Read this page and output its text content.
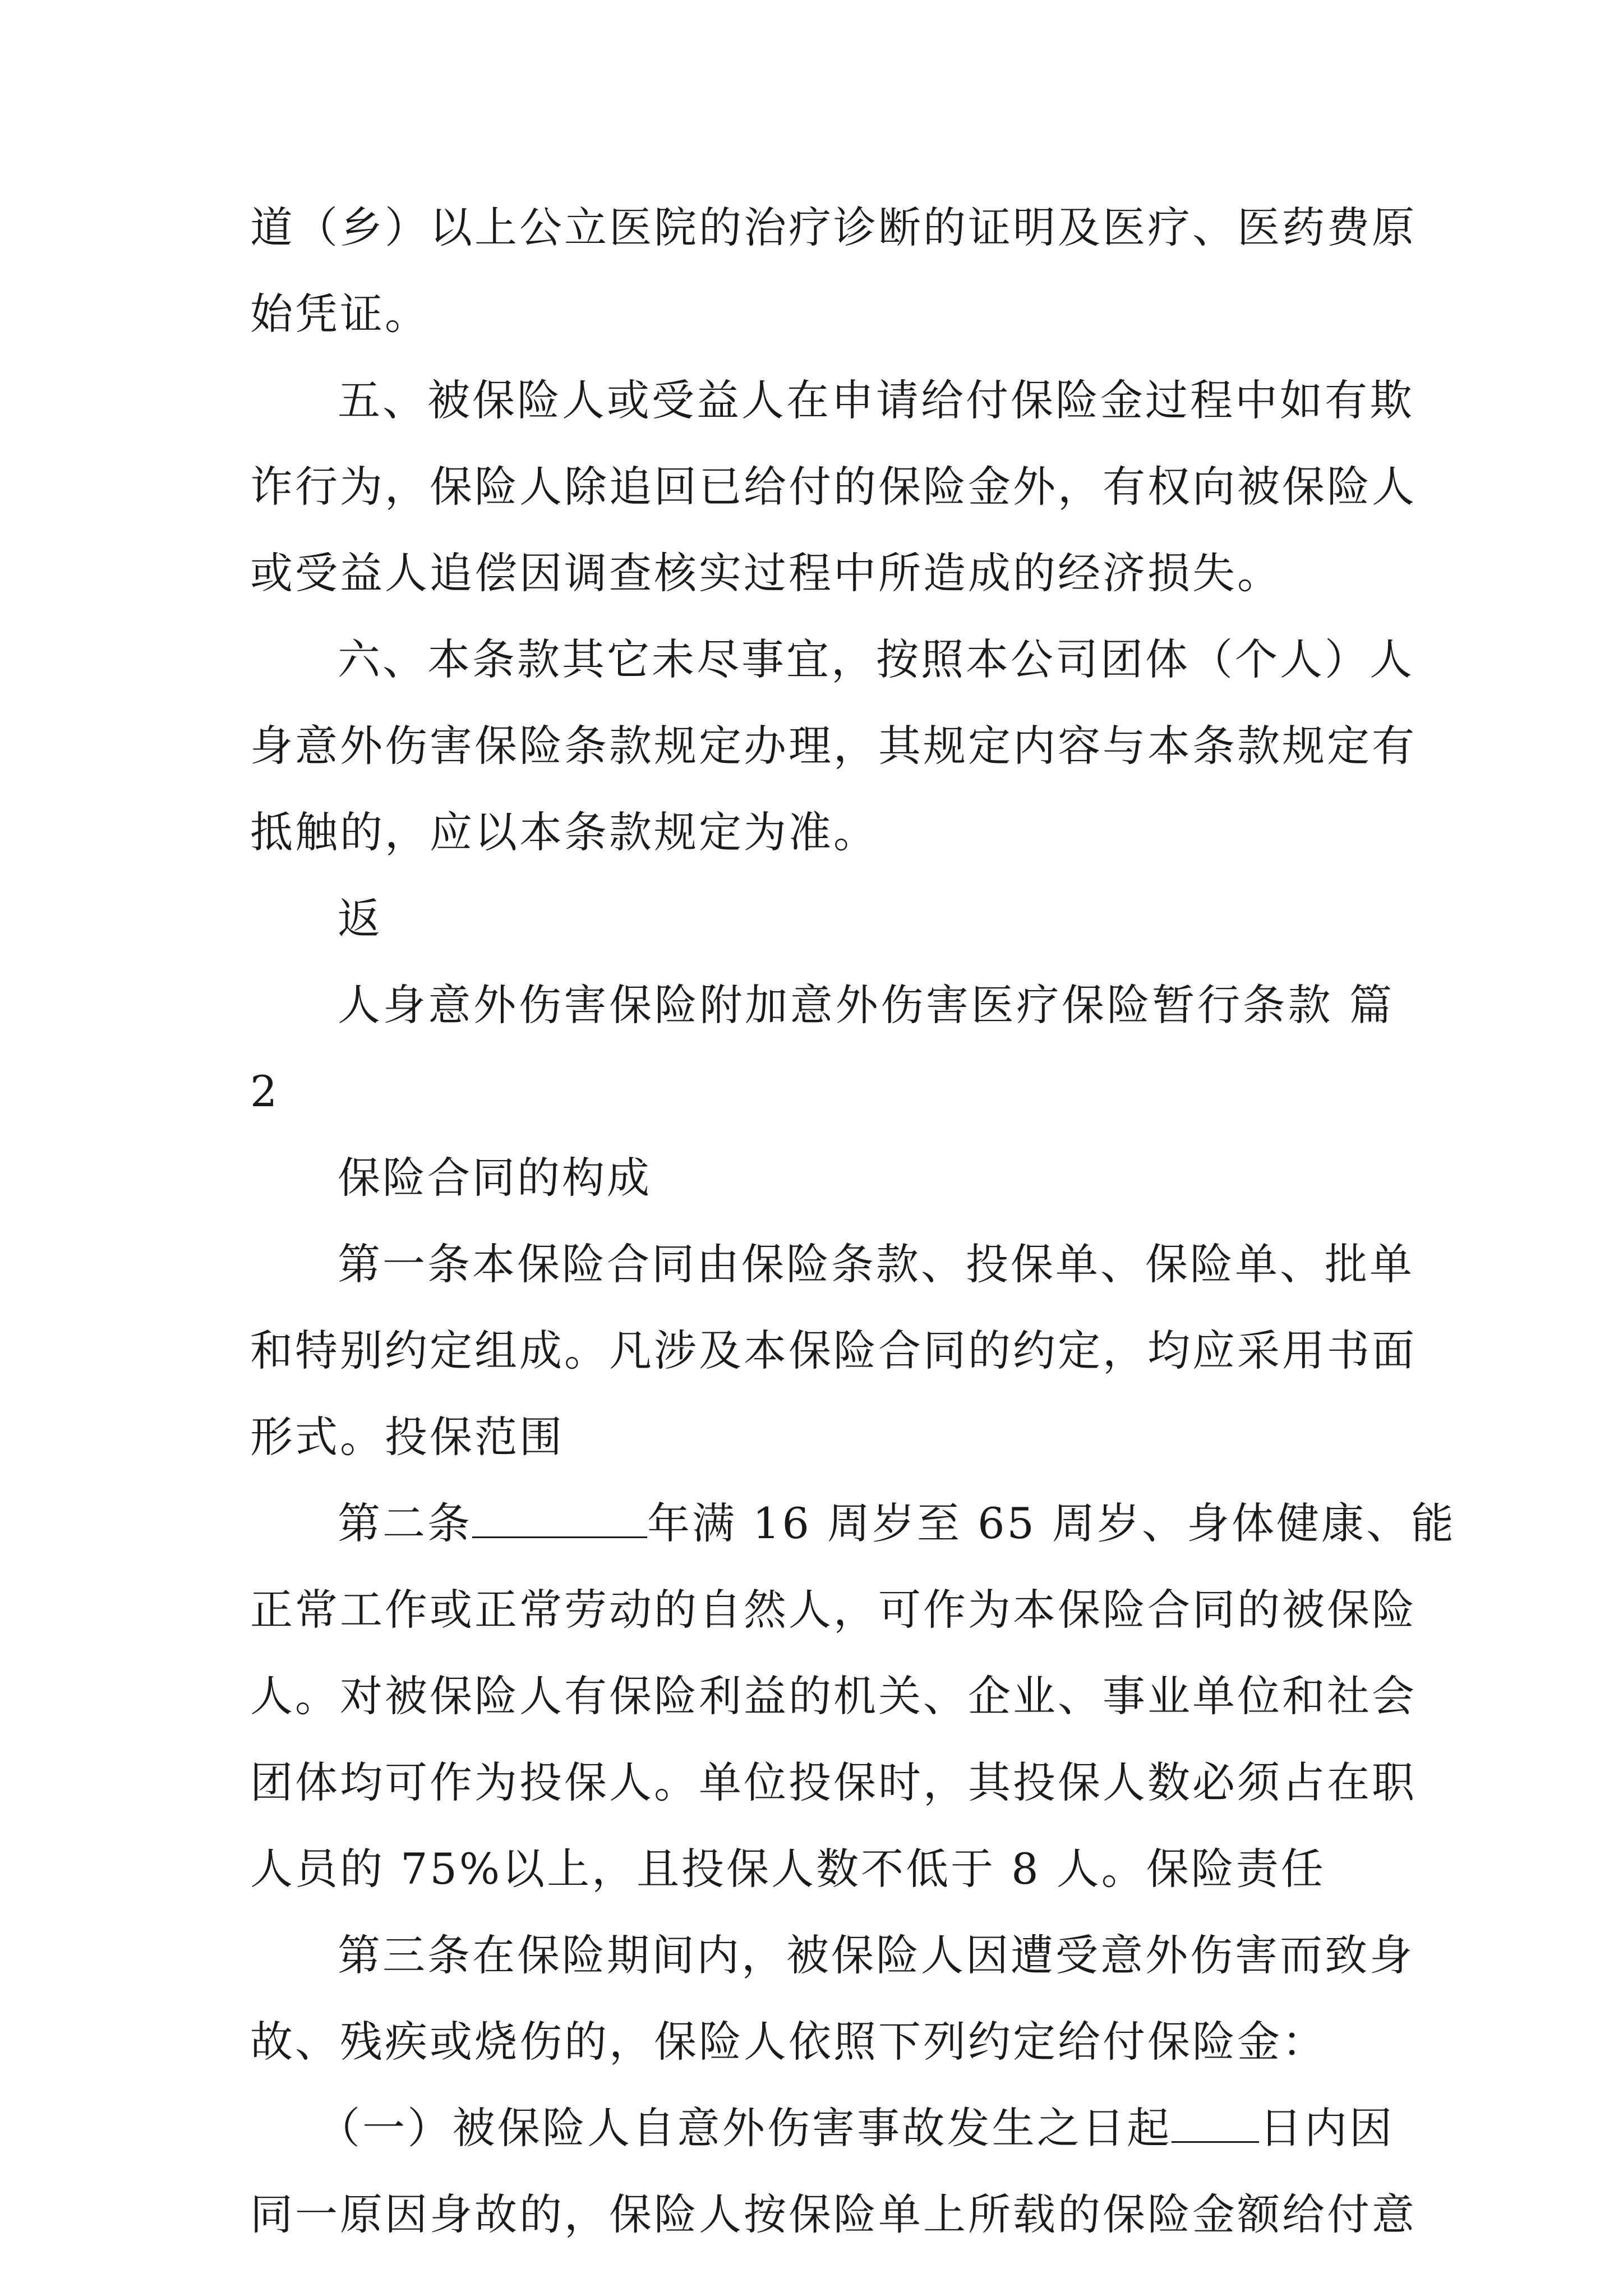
道（乡）以上公立医院的治疗诊断的证明及医疗、医药费原
始凭证。
五、被保险人或受益人在申请给付保险金过程中如有欺
诈行为，保险人除追回已给付的保险金外，有权向被保险人
或受益人追偿因调查核实过程中所造成的经济损失。
六、本条款其它未尽事宜，按照本公司团体（个人）人
身意外伤害保险条款规定办理，其规定内容与本条款规定有
抵触的，应以本条款规定为准。
返
人身意外伤害保险附加意外伤害医疗保险暂行条款 篇
2
保险合同的构成
第一条本保险合同由保险条款、投保单、保险单、批单
和特别约定组成。凡涉及本保险合同的约定，均应采用书面
形式。投保范围
第二条	年满 16 周岁至 65 周岁、身体健康、能
正常工作或正常劳动的自然人，可作为本保险合同的被保险
人。对被保险人有保险利益的机关、企业、事业单位和社会
团体均可作为投保人。单位投保时，其投保人数必须占在职
人员的 75%以上，且投保人数不低于 8 人。保险责任
第三条在保险期间内，被保险人因遭受意外伤害而致身
故、残疾或烧伤的，保险人依照下列约定给付保险金：
（一）被保险人自意外伤害事故发生之日起 日内因
同一原因身故的，保险人按保险单上所载的保险金额给付意
